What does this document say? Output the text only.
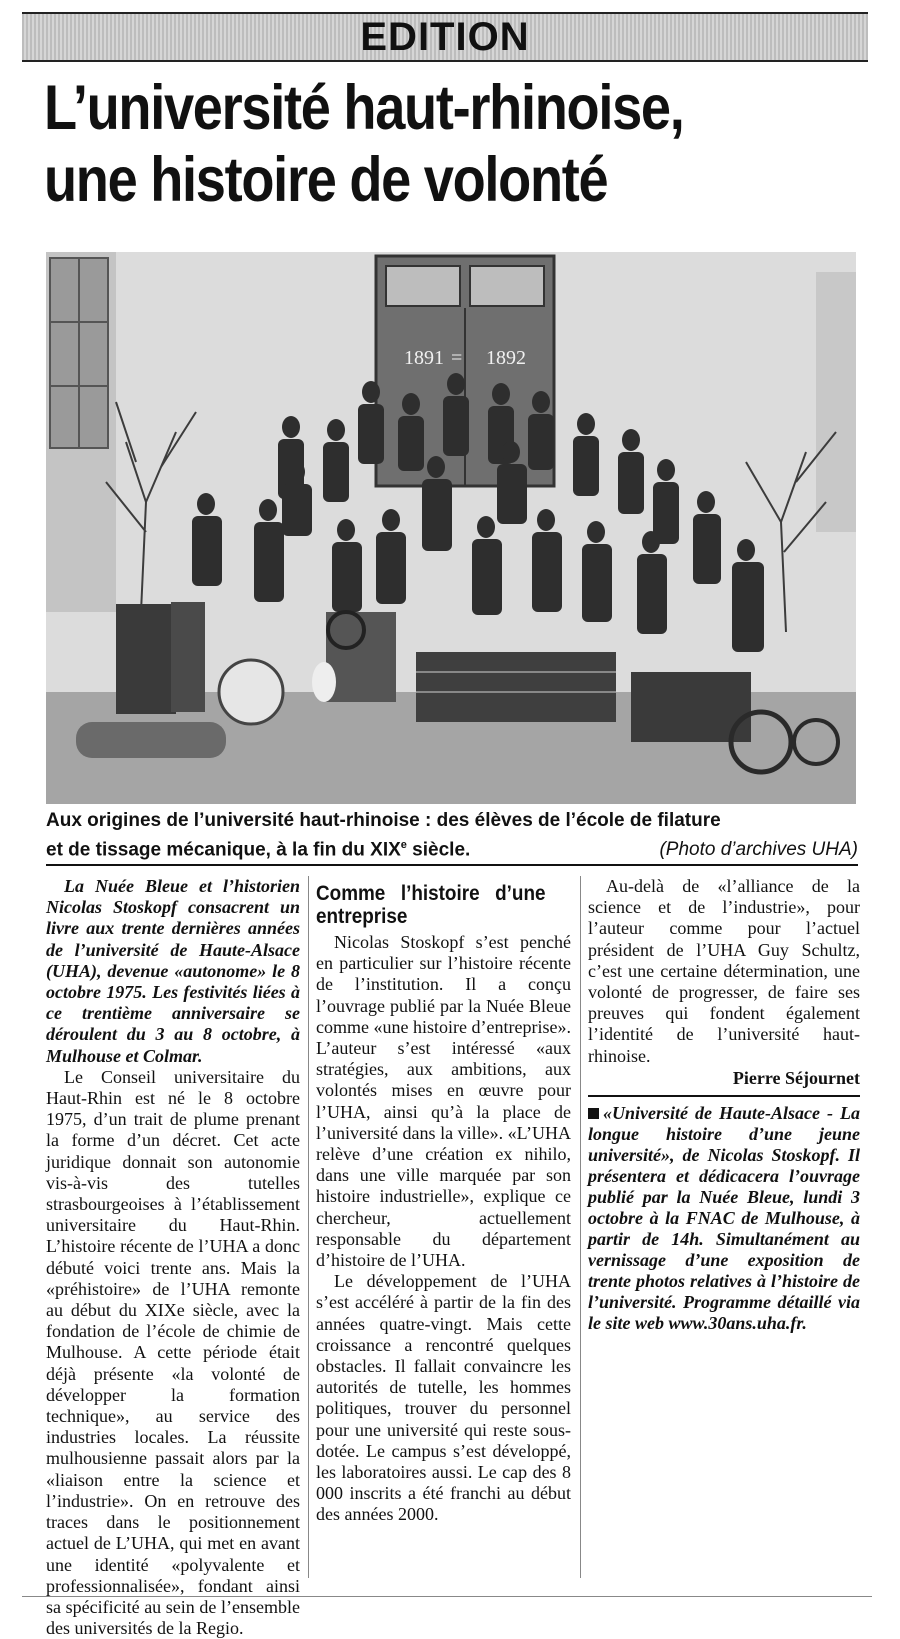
EDITION
L’université haut-rhinoise,
une histoire de volonté
1891 = 1892
Aux origines de l’université haut-rhinoise : des élèves de l’école de filature
et de tissage mécanique, à la fin du XIXe siècle.	(Photo d’archives UHA)

La Nuée Bleue et l’historien Nicolas Stoskopf consacrent un livre aux trente dernières années de l’université de Haute-Alsace (UHA), devenue «autonome» le 8 octobre 1975. Les festivités liées à ce trentième anniversaire se déroulent du 3 au 8 octobre, à Mulhouse et Colmar.

Le Conseil universitaire du Haut-Rhin est né le 8 octobre 1975, d’un trait de plume prenant la forme d’un décret. Cet acte juridique donnait son autonomie vis-à-vis des tutelles strasbourgeoises à l’établissement universitaire du Haut-Rhin. L’histoire récente de l’UHA a donc débuté voici trente ans. Mais la «préhistoire» de l’UHA remonte au début du XIXe siècle, avec la fondation de l’école de chimie de Mulhouse. A cette période était déjà présente «la volonté de développer la formation technique», au service des industries locales. La réussite mulhousienne passait alors par la «liaison entre la science et l’industrie». On en retrouve des traces dans le positionnement actuel de L’UHA, qui met en avant une identité «polyvalente et professionnalisée», fondant ainsi sa spécificité au sein de l’ensemble des universités de la Regio.

Comme l’histoire d’une entreprise

Nicolas Stoskopf s’est penché en particulier sur l’histoire récente de l’institution. Il a conçu l’ouvrage publié par la Nuée Bleue comme «une histoire d’entreprise». L’auteur s’est intéressé «aux stratégies, aux ambitions, aux volontés mises en œuvre pour l’UHA, ainsi qu’à la place de l’université dans la ville». «L’UHA relève d’une création ex nihilo, dans une ville marquée par son histoire industrielle», explique ce chercheur, actuellement responsable du département d’histoire de l’UHA.

Le développement de l’UHA s’est accéléré à partir de la fin des années quatre-vingt. Mais cette croissance a rencontré quelques obstacles. Il fallait convaincre les autorités de tutelle, les hommes politiques, trouver du personnel pour une université qui reste sous-dotée. Le campus s’est développé, les laboratoires aussi. Le cap des 8 000 inscrits a été franchi au début des années 2000.

Au-delà de «l’alliance de la science et de l’industrie», pour l’auteur comme pour l’actuel président de l’UHA Guy Schultz, c’est une certaine détermination, une volonté de progresser, de faire ses preuves qui fondent également l’identité de l’université haut-rhinoise.

Pierre Séjournet
«Université de Haute-Alsace - La longue histoire d’une jeune université», de Nicolas Stoskopf. Il présentera et dédicacera l’ouvrage publié par la Nuée Bleue, lundi 3 octobre à la FNAC de Mulhouse, à partir de 14h. Simultanément au vernissage d’une exposition de trente photos relatives à l’histoire de l’université. Programme détaillé via le site web www.30ans.uha.fr.
